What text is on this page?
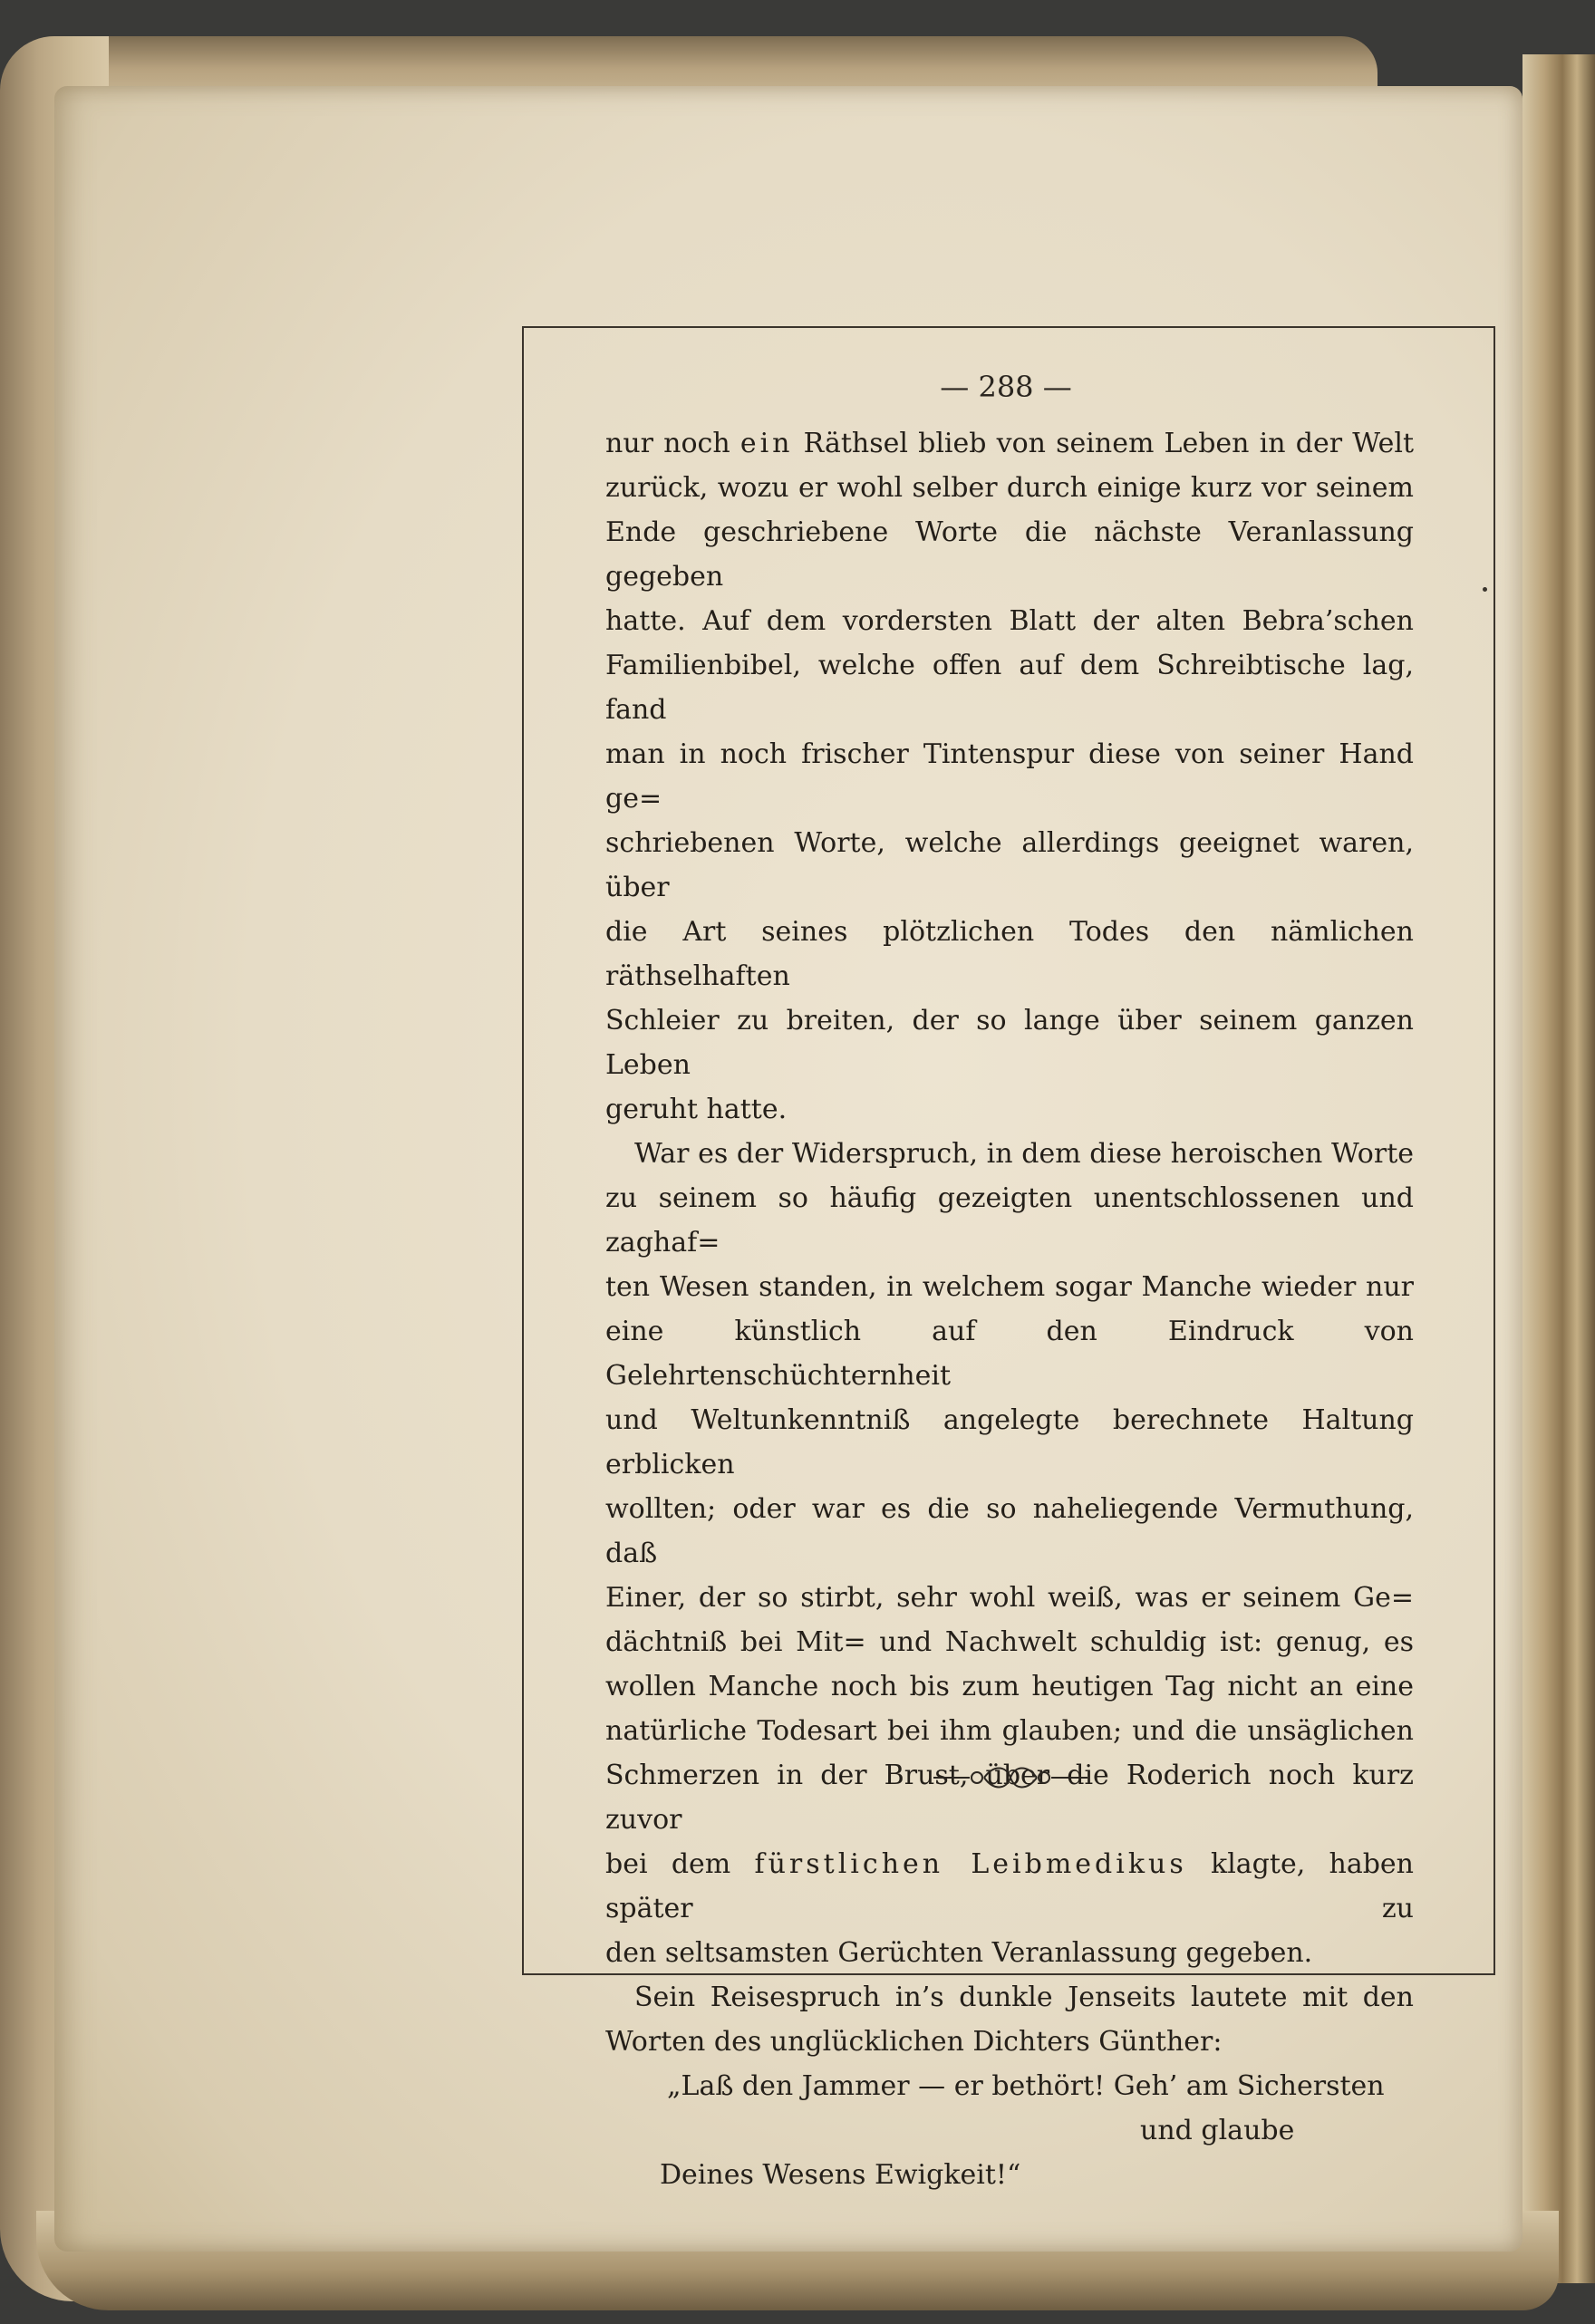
— 288 —

nur noch ein Räthsel blieb von seinem Leben in der Welt
zurück, wozu er wohl selber durch einige kurz vor seinem
Ende geschriebene Worte die nächste Veranlassung gegeben
hatte. Auf dem vordersten Blatt der alten Bebra’schen
Familienbibel, welche offen auf dem Schreibtische lag, fand
man in noch frischer Tintenspur diese von seiner Hand ge=
schriebenen Worte, welche allerdings geeignet waren, über
die Art seines plötzlichen Todes den nämlichen räthselhaften
Schleier zu breiten, der so lange über seinem ganzen Leben
geruht hatte.

War es der Widerspruch, in dem diese heroischen Worte
zu seinem so häufig gezeigten unentschlossenen und zaghaf=
ten Wesen standen, in welchem sogar Manche wieder nur
eine künstlich auf den Eindruck von Gelehrtenschüchternheit
und Weltunkenntniß angelegte berechnete Haltung erblicken
wollten; oder war es die so naheliegende Vermuthung, daß
Einer, der so stirbt, sehr wohl weiß, was er seinem Ge=
dächtniß bei Mit= und Nachwelt schuldig ist: genug, es
wollen Manche noch bis zum heutigen Tag nicht an eine
natürliche Todesart bei ihm glauben; und die unsäglichen
Schmerzen in der Brust, über die Roderich noch kurz zuvor
bei dem fürstlichen Leibmedikus klagte, haben später zu
den seltsamsten Gerüchten Veranlassung gegeben.

Sein Reisespruch in’s dunkle Jenseits lautete mit den
Worten des unglücklichen Dichters Günther:

„Laß den Jammer — er bethört! Geh’ am Sichersten
und glaube
Deines Wesens Ewigkeit!“
